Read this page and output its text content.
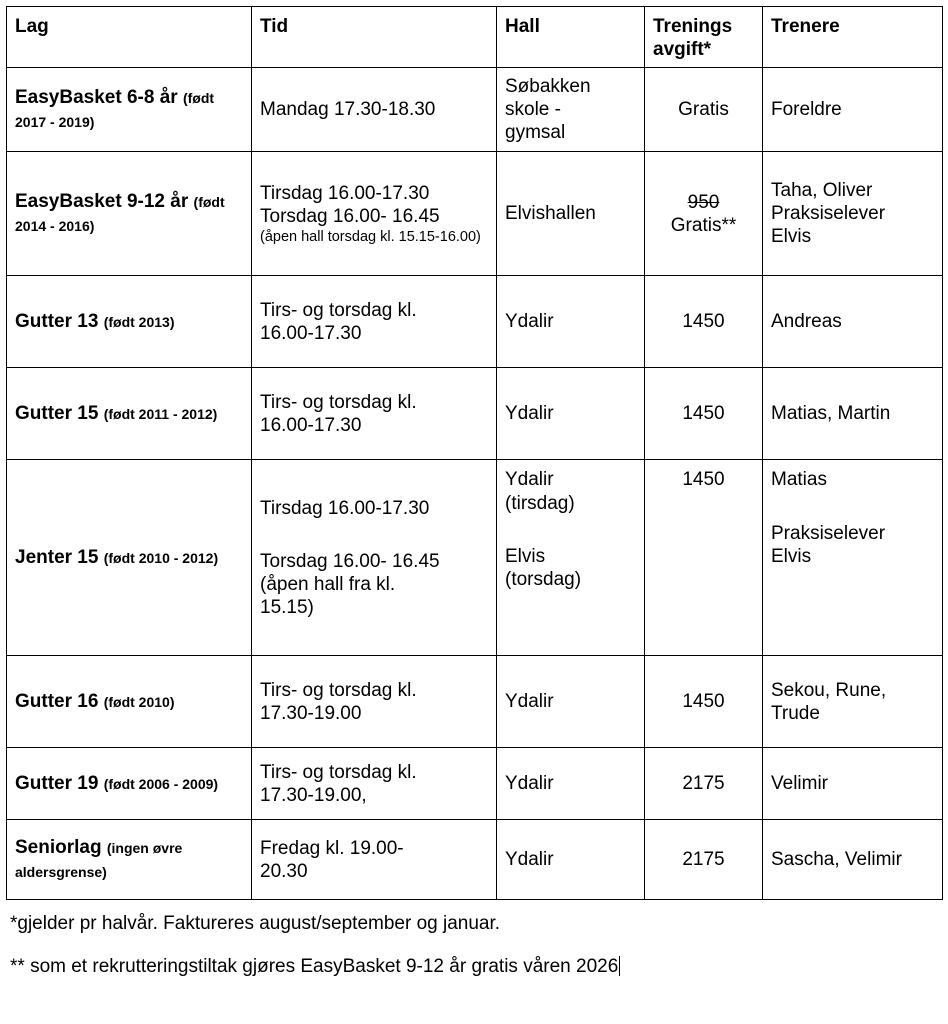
Lag	Tid	Hall	Trenings
avgift*	Trenere
EasyBasket 6-8 år (født 2017 - 2019)	Mandag 17.30-18.30	Søbakken
skole -
gymsal	Gratis	Foreldre

EasyBasket 9-12 år (født 2014 - 2016)	Tirsdag 16.00-17.30
Torsdag 16.00- 16.45
(åpen hall torsdag kl. 15.15-16.00)	Elvishallen	950
Gratis**	Taha, Oliver
Praksiselever
Elvis

Gutter 13 (født 2013)	Tirs- og torsdag kl.
16.00-17.30	Ydalir	1450	Andreas

Gutter 15 (født 2011 - 2012)	Tirs- og torsdag kl.
16.00-17.30	Ydalir	1450	Matias, Martin

Jenter 15 (født 2010 - 2012)	Tirsdag 16.00-17.30
Torsdag 16.00- 16.45
(åpen hall fra kl.
15.15)	Ydalir
(tirsdag)
Elvis
(torsdag)	1450	Matias
Praksiselever
Elvis

Gutter 16 (født 2010)	Tirs- og torsdag kl.
17.30-19.00	Ydalir	1450	Sekou, Rune,
Trude

Gutter 19 (født 2006 - 2009)	Tirs- og torsdag kl.
17.30-19.00,	Ydalir	2175	Velimir

Seniorlag (ingen øvre aldersgrense)	Fredag kl. 19.00-
20.30	Ydalir	2175	Sascha, Velimir

*gjelder pr halvår. Faktureres august/september og januar.

** som et rekrutteringstiltak gjøres EasyBasket 9-12 år gratis våren 2026
